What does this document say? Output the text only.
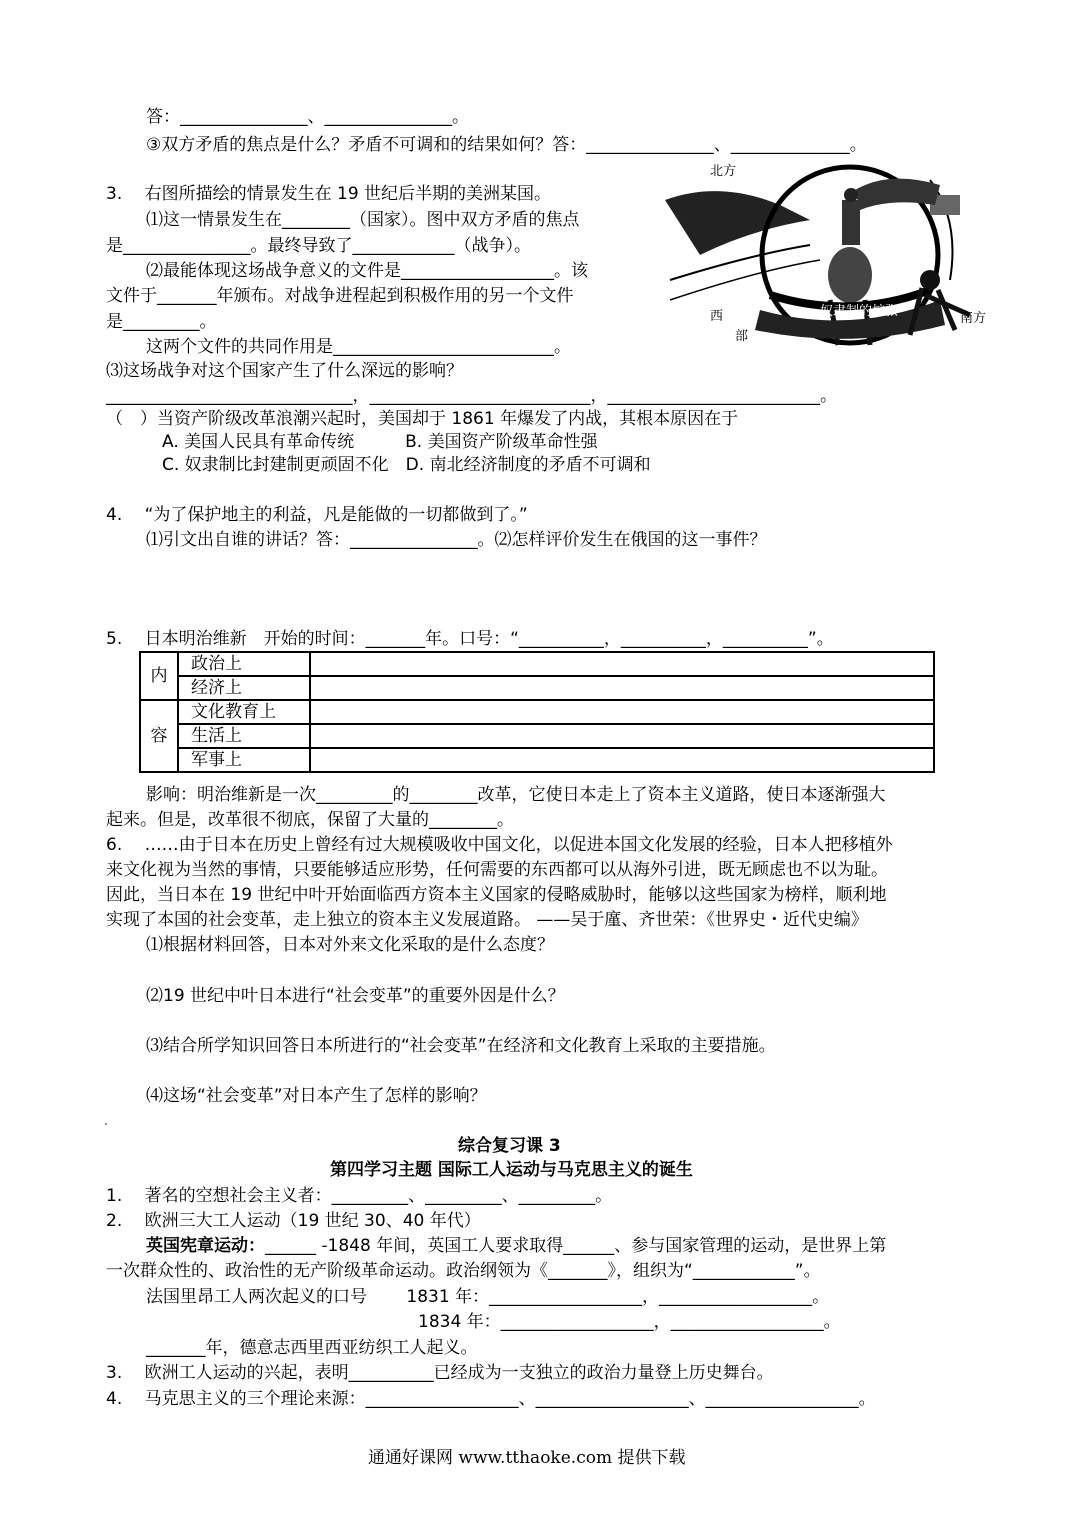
答：_______________、_______________。
③双方矛盾的焦点是什么？矛盾不可调和的结果如何？答：_______________、______________。
3.　 右图所描绘的情景发生在 19 世纪后半期的美洲某国。
⑴这一情景发生在________（国家）。图中双方矛盾的焦点
是_______________。最终导致了____________（战争）。
⑵最能体现这场战争意义的文件是__________________。该
文件于_______年颁布。对战争进程起到积极作用的另一个文件
是_________。
这两个文件的共同作用是__________________________。
⑶这场战争对这个国家产生了什么深远的影响？
_____________________________，__________________________，_________________________。
（　）当资产阶级改革浪潮兴起时，美国却于 1861 年爆发了内战，其根本原因在于
A. 美国人民具有革命传统　　　B. 美国资产阶级革命性强
C. 奴隶制比封建制更顽固不化　D. 南北经济制度的矛盾不可调和
奴隶制的扩张
北方
南方
西
部
4.　 “为了保护地主的利益，凡是能做的一切都做到了。”
⑴引文出自谁的讲话？答：_______________。⑵怎样评价发生在俄国的这一事件？
5.　 日本明治维新　开始的时间：_______年。口号：“__________，__________，__________”。
内	政治上	
	经济上	
容	文化教育上	
	生活上	
	军事上	
影响：明治维新是一次_________的________改革，它使日本走上了资本主义道路，使日本逐渐强大
起来。但是，改革很不彻底，保留了大量的________。
6.　 ……由于日本在历史上曾经有过大规模吸收中国文化，以促进本国文化发展的经验，日本人把移植外
来文化视为当然的事情，只要能够适应形势，任何需要的东西都可以从海外引进，既无顾虑也不以为耻。
因此，当日本在 19 世纪中叶开始面临西方资本主义国家的侵略威胁时，能够以这些国家为榜样，顺利地
实现了本国的社会变革，走上独立的资本主义发展道路。 ——吴于廑、齐世荣：《世界史・近代史编》
⑴根据材料回答，日本对外来文化采取的是什么态度？
⑵19 世纪中叶日本进行“社会变革”的重要外因是什么？
⑶结合所学知识回答日本所进行的“社会变革”在经济和文化教育上采取的主要措施。
⑷这场“社会变革”对日本产生了怎样的影响？
综合复习课 3
第四学习主题 国际工人运动与马克思主义的诞生
1.　 著名的空想社会主义者：_________、_________、_________。
2.　 欧洲三大工人运动（19 世纪 30、40 年代）
英国宪章运动：______ -1848 年间，英国工人要求取得______、参与国家管理的运动，是世界上第
一次群众性的、政治性的无产阶级革命运动。政治纲领为《_______》，组织为“____________”。
法国里昂工人两次起义的口号　　 1831 年：__________________，__________________。
1834 年：__________________，__________________。
_______年，德意志西里西亚纺织工人起义。
3.　 欧洲工人运动的兴起，表明__________已经成为一支独立的政治力量登上历史舞台。
4.　 马克思主义的三个理论来源：__________________、__________________、__________________。
通通好课网 www.tthaoke.com 提供下载
